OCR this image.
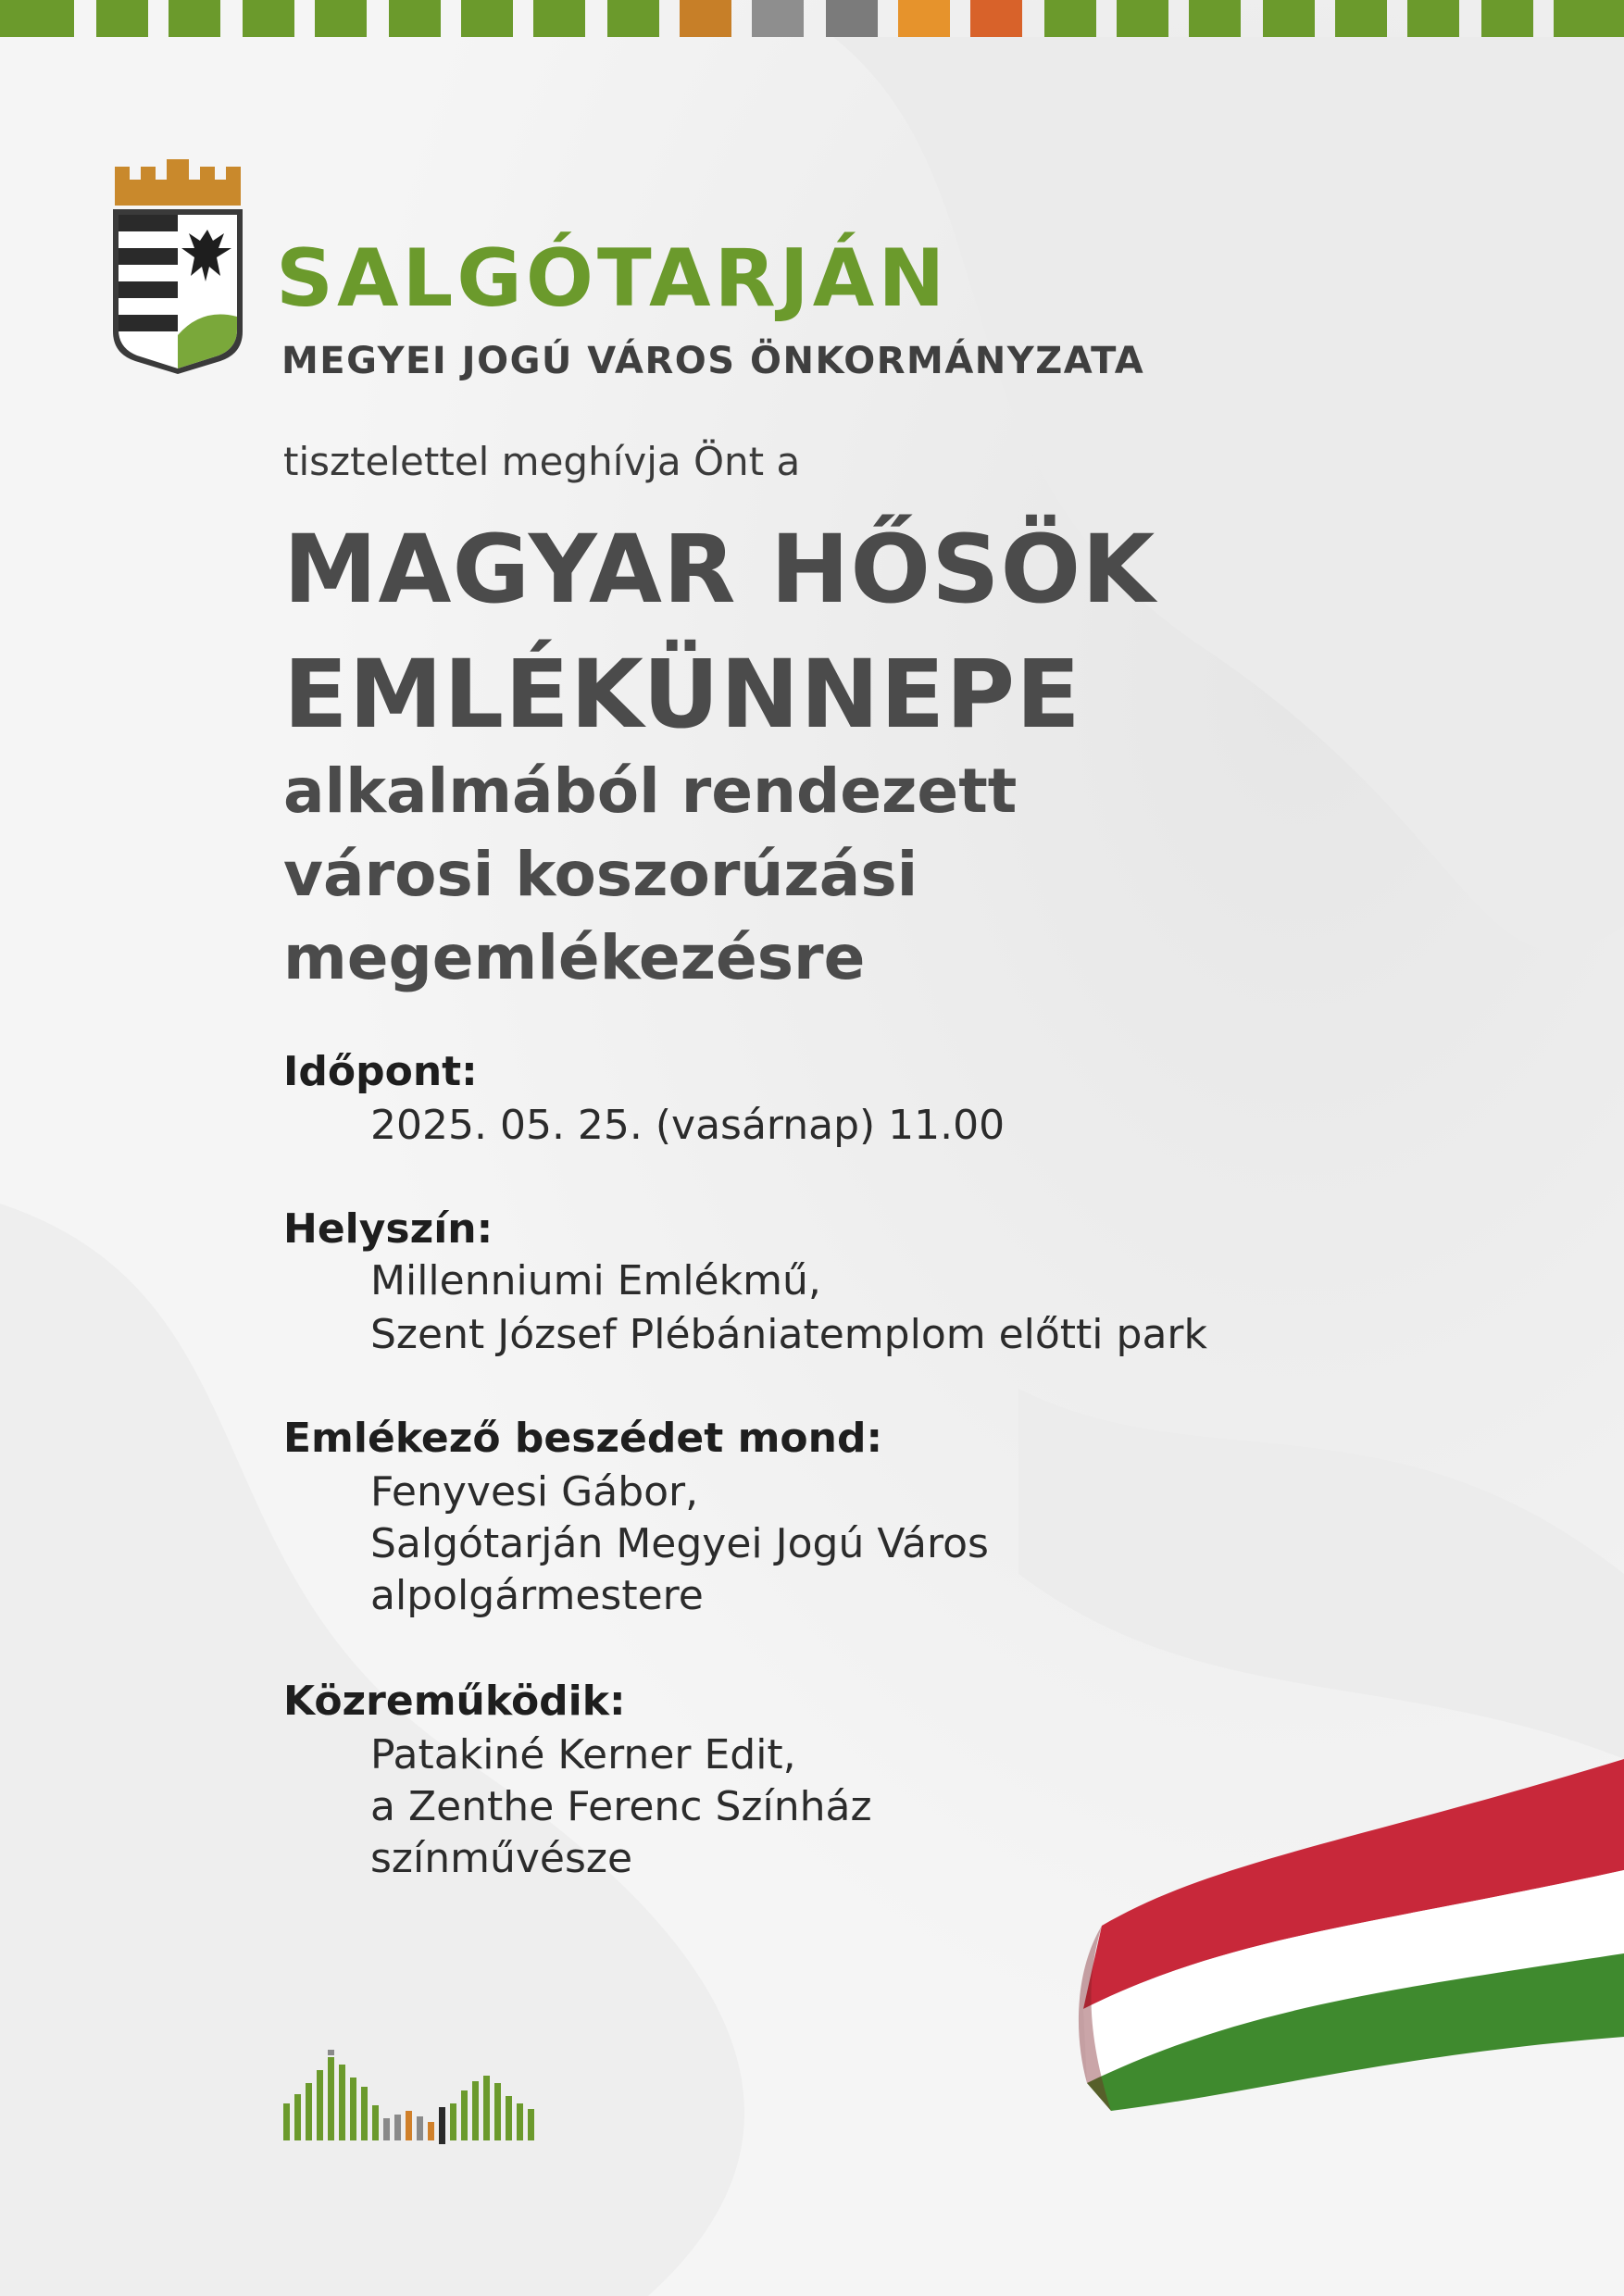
SALGÓTARJÁN
MEGYEI JOGÚ VÁROS ÖNKORMÁNYZATA
tisztelettel meghívja Önt a
MAGYAR HŐSÖK
EMLÉKÜNNEPE
alkalmából rendezett
városi koszorúzási
megemlékezésre
Időpont:
2025. 05. 25. (vasárnap) 11.00
Helyszín:
Millenniumi Emlékmű,
Szent József Plébániatemplom előtti park
Emlékező beszédet mond:
Fenyvesi Gábor,
Salgótarján Megyei Jogú Város
alpolgármestere
Közreműködik:
Patakiné Kerner Edit,
a Zenthe Ferenc Színház
színművésze
